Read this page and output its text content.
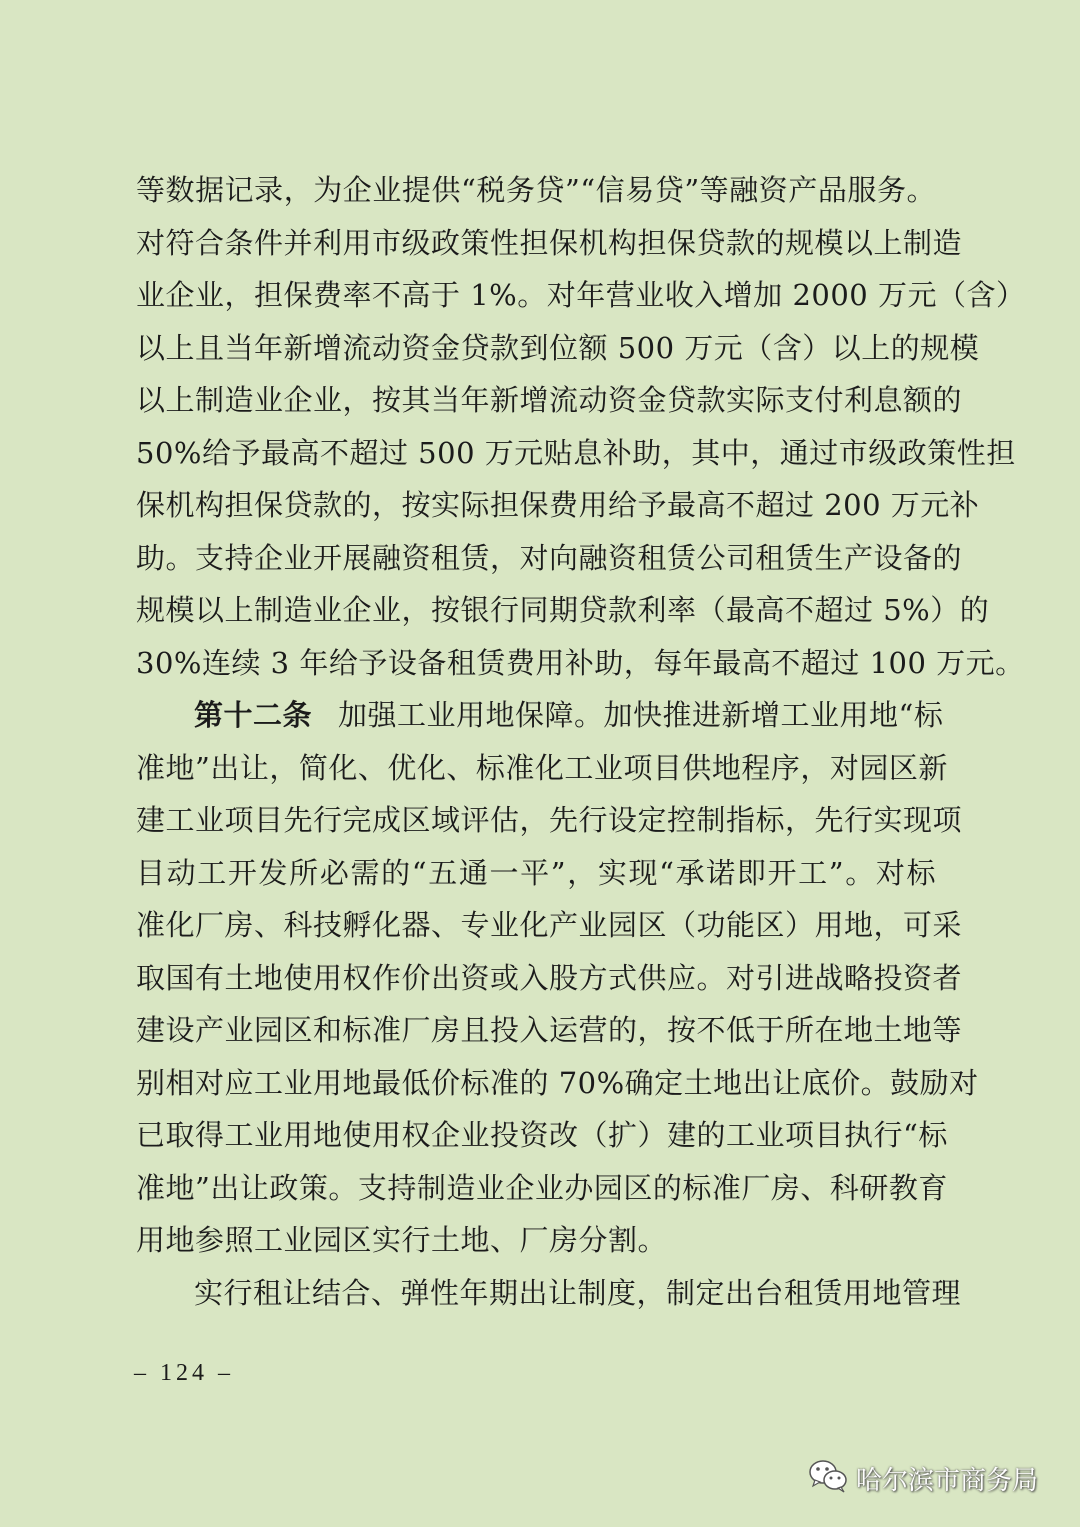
等数据记录，为企业提供“税务贷”“信易贷”等融资产品服务。
对符合条件并利用市级政策性担保机构担保贷款的规模以上制造
业企业，担保费率不高于 1%。对年营业收入增加 2000 万元（含）
以上且当年新增流动资金贷款到位额 500 万元（含）以上的规模
以上制造业企业，按其当年新增流动资金贷款实际支付利息额的
50%给予最高不超过 500 万元贴息补助，其中，通过市级政策性担
保机构担保贷款的，按实际担保费用给予最高不超过 200 万元补
助。支持企业开展融资租赁，对向融资租赁公司租赁生产设备的
规模以上制造业企业，按银行同期贷款利率（最高不超过 5%）的
30%连续 3 年给予设备租赁费用补助，每年最高不超过 100 万元。
第十二条 加强工业用地保障。加快推进新增工业用地“标
准地”出让，简化、优化、标准化工业项目供地程序，对园区新
建工业项目先行完成区域评估，先行设定控制指标，先行实现项
目动工开发所必需的“五通一平”，实现“承诺即开工”。对标
准化厂房、科技孵化器、专业化产业园区（功能区）用地，可采
取国有土地使用权作价出资或入股方式供应。对引进战略投资者
建设产业园区和标准厂房且投入运营的，按不低于所在地土地等
别相对应工业用地最低价标准的 70%确定土地出让底价。鼓励对
已取得工业用地使用权企业投资改（扩）建的工业项目执行“标
准地”出让政策。支持制造业企业办园区的标准厂房、科研教育
用地参照工业园区实行土地、厂房分割。
实行租让结合、弹性年期出让制度，制定出台租赁用地管理
– 124 –
哈尔滨市商务局
